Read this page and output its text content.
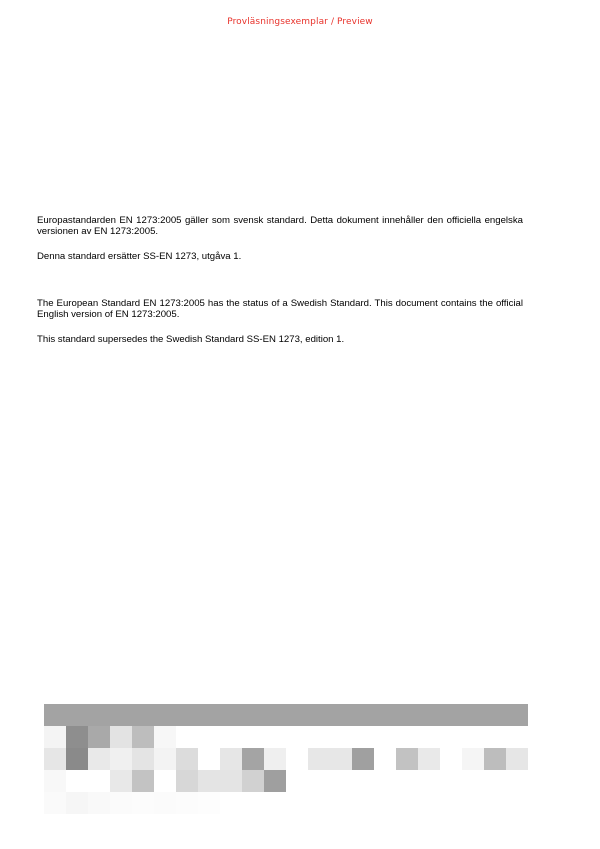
Provläsningsexemplar / Preview

Europastandarden EN 1273:2005 gäller som svensk standard. Detta dokument innehåller den officiella engelska versionen av EN 1273:2005.

Denna standard ersätter SS-EN 1273, utgåva 1.

The European Standard EN 1273:2005 has the status of a Swedish Standard. This document contains the official English version of EN 1273:2005.

This standard supersedes the Swedish Standard SS-EN 1273, edition 1.
